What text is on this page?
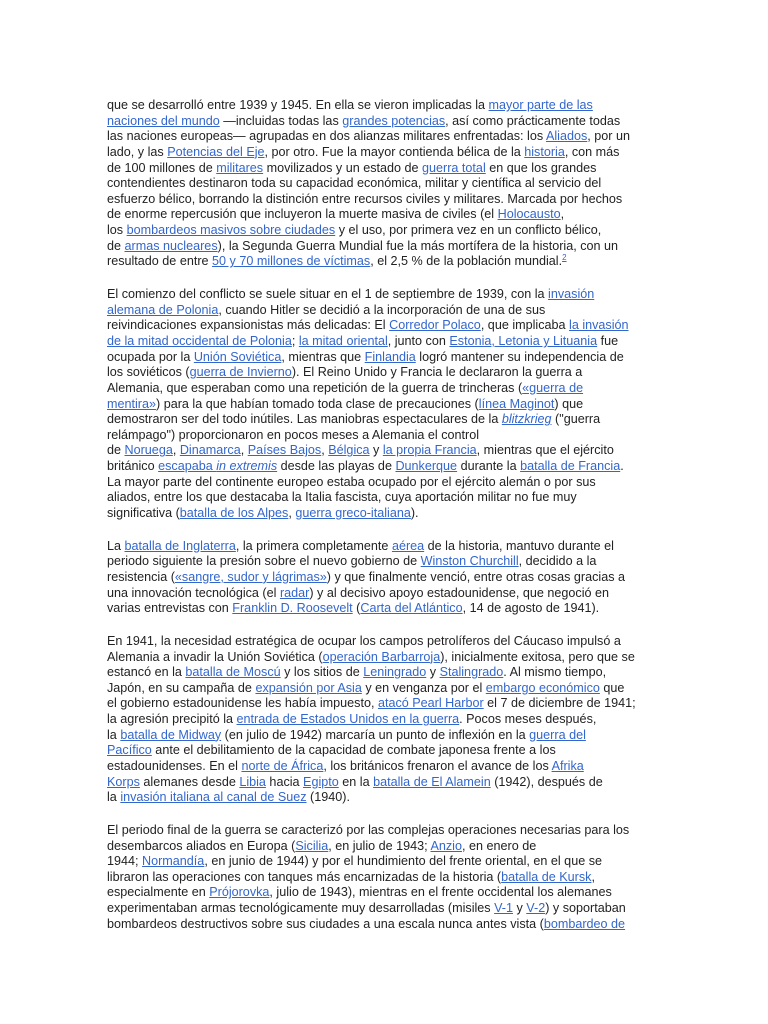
que se desarrolló entre 1939 y 1945. En ella se vieron implicadas la mayor parte de las
naciones del mundo —incluidas todas las grandes potencias, así como prácticamente todas
las naciones europeas— agrupadas en dos alianzas militares enfrentadas: los Aliados, por un
lado, y las Potencias del Eje, por otro. Fue la mayor contienda bélica de la historia, con más
de 100 millones de militares movilizados y un estado de guerra total en que los grandes
contendientes destinaron toda su capacidad económica, militar y científica al servicio del
esfuerzo bélico, borrando la distinción entre recursos civiles y militares. Marcada por hechos
de enorme repercusión que incluyeron la muerte masiva de civiles (el Holocausto,
los bombardeos masivos sobre ciudades y el uso, por primera vez en un conflicto bélico,
de armas nucleares), la Segunda Guerra Mundial fue la más mortífera de la historia, con un
resultado de entre 50 y 70 millones de víctimas, el 2,5 % de la población mundial.$^2$

El comienzo del conflicto se suele situar en el 1 de septiembre de 1939, con la invasión
alemana de Polonia, cuando Hitler se decidió a la incorporación de una de sus
reivindicaciones expansionistas más delicadas: El Corredor Polaco, que implicaba la invasión
de la mitad occidental de Polonia; la mitad oriental, junto con Estonia, Letonia y Lituania fue
ocupada por la Unión Soviética, mientras que Finlandia logró mantener su independencia de
los soviéticos (guerra de Invierno). El Reino Unido y Francia le declararon la guerra a
Alemania, que esperaban como una repetición de la guerra de trincheras («guerra de
mentira») para la que habían tomado toda clase de precauciones (línea Maginot) que
demostraron ser del todo inútiles. Las maniobras espectaculares de la blitzkrieg ("guerra
relámpago") proporcionaron en pocos meses a Alemania el control
de Noruega, Dinamarca, Países Bajos, Bélgica y la propia Francia, mientras que el ejército
británico escapaba in extremis desde las playas de Dunkerque durante la batalla de Francia.
La mayor parte del continente europeo estaba ocupado por el ejército alemán o por sus
aliados, entre los que destacaba la Italia fascista, cuya aportación militar no fue muy
significativa (batalla de los Alpes, guerra greco-italiana).

La batalla de Inglaterra, la primera completamente aérea de la historia, mantuvo durante el
periodo siguiente la presión sobre el nuevo gobierno de Winston Churchill, decidido a la
resistencia («sangre, sudor y lágrimas») y que finalmente venció, entre otras cosas gracias a
una innovación tecnológica (el radar) y al decisivo apoyo estadounidense, que negoció en
varias entrevistas con Franklin D. Roosevelt (Carta del Atlántico, 14 de agosto de 1941).

En 1941, la necesidad estratégica de ocupar los campos petrolíferos del Cáucaso impulsó a
Alemania a invadir la Unión Soviética (operación Barbarroja), inicialmente exitosa, pero que se
estancó en la batalla de Moscú y los sitios de Leningrado y Stalingrado. Al mismo tiempo,
Japón, en su campaña de expansión por Asia y en venganza por el embargo económico que
el gobierno estadounidense les había impuesto, atacó Pearl Harbor el 7 de diciembre de 1941;
la agresión precipitó la entrada de Estados Unidos en la guerra. Pocos meses después,
la batalla de Midway (en julio de 1942) marcaría un punto de inflexión en la guerra del
Pacífico ante el debilitamiento de la capacidad de combate japonesa frente a los
estadounidenses. En el norte de África, los británicos frenaron el avance de los Afrika
Korps alemanes desde Libia hacia Egipto en la batalla de El Alamein (1942), después de
la invasión italiana al canal de Suez (1940).

El periodo final de la guerra se caracterizó por las complejas operaciones necesarias para los
desembarcos aliados en Europa (Sicilia, en julio de 1943; Anzio, en enero de
1944; Normandía, en junio de 1944) y por el hundimiento del frente oriental, en el que se
libraron las operaciones con tanques más encarnizadas de la historia (batalla de Kursk,
especialmente en Prójorovka, julio de 1943), mientras en el frente occidental los alemanes
experimentaban armas tecnológicamente muy desarrolladas (misiles V-1 y V-2) y soportaban
bombardeos destructivos sobre sus ciudades a una escala nunca antes vista (bombardeo de
